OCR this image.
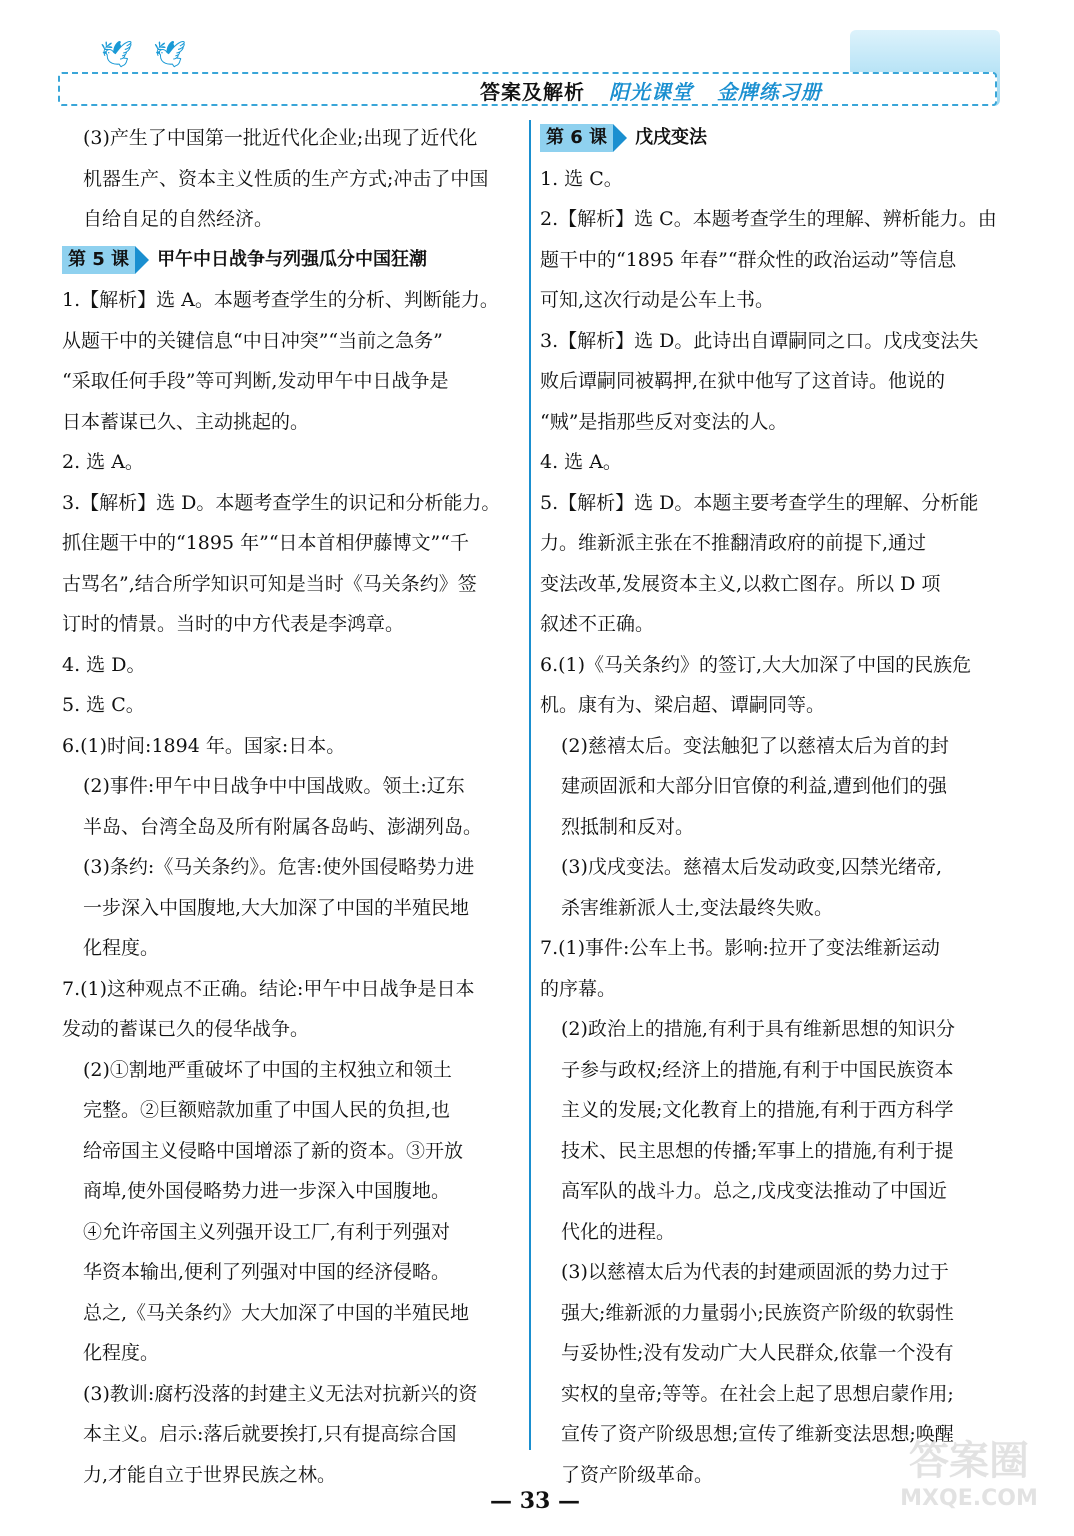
🕊 🕊
答案及解析 阳光课堂 金牌练习册
(3)产生了中国第一批近代化企业;出现了近代化
机器生产、资本主义性质的生产方式;冲击了中国
自给自足的自然经济。
第 5 课	甲午中日战争与列强瓜分中国狂潮
1.【解析】选 A。本题考查学生的分析、判断能力。
从题干中的关键信息“中日冲突”“当前之急务”
“采取任何手段”等可判断,发动甲午中日战争是
日本蓄谋已久、主动挑起的。
2. 选 A。
3.【解析】选 D。本题考查学生的识记和分析能力。
抓住题干中的“1895 年”“日本首相伊藤博文”“千
古骂名”,结合所学知识可知是当时《马关条约》签
订时的情景。当时的中方代表是李鸿章。
4. 选 D。
5. 选 C。
6.(1)时间:1894 年。国家:日本。
(2)事件:甲午中日战争中中国战败。领土:辽东
半岛、台湾全岛及所有附属各岛屿、澎湖列岛。
(3)条约:《马关条约》。危害:使外国侵略势力进
一步深入中国腹地,大大加深了中国的半殖民地
化程度。
7.(1)这种观点不正确。结论:甲午中日战争是日本
发动的蓄谋已久的侵华战争。
(2)①割地严重破坏了中国的主权独立和领土
完整。②巨额赔款加重了中国人民的负担,也
给帝国主义侵略中国增添了新的资本。③开放
商埠,使外国侵略势力进一步深入中国腹地。
④允许帝国主义列强开设工厂,有利于列强对
华资本输出,便利了列强对中国的经济侵略。
总之,《马关条约》大大加深了中国的半殖民地
化程度。
(3)教训:腐朽没落的封建主义无法对抗新兴的资
本主义。启示:落后就要挨打,只有提高综合国
力,才能自立于世界民族之林。
第 6 课	戊戌变法
1. 选 C。
2.【解析】选 C。本题考查学生的理解、辨析能力。由
题干中的“1895 年春”“群众性的政治运动”等信息
可知,这次行动是公车上书。
3.【解析】选 D。此诗出自谭嗣同之口。戊戌变法失
败后谭嗣同被羁押,在狱中他写了这首诗。他说的
“贼”是指那些反对变法的人。
4. 选 A。
5.【解析】选 D。本题主要考查学生的理解、分析能
力。维新派主张在不推翻清政府的前提下,通过
变法改革,发展资本主义,以救亡图存。所以 D 项
叙述不正确。
6.(1)《马关条约》的签订,大大加深了中国的民族危
机。康有为、梁启超、谭嗣同等。
(2)慈禧太后。变法触犯了以慈禧太后为首的封
建顽固派和大部分旧官僚的利益,遭到他们的强
烈抵制和反对。
(3)戊戌变法。慈禧太后发动政变,囚禁光绪帝,
杀害维新派人士,变法最终失败。
7.(1)事件:公车上书。影响:拉开了变法维新运动
的序幕。
(2)政治上的措施,有利于具有维新思想的知识分
子参与政权;经济上的措施,有利于中国民族资本
主义的发展;文化教育上的措施,有利于西方科学
技术、民主思想的传播;军事上的措施,有利于提
高军队的战斗力。总之,戊戌变法推动了中国近
代化的进程。
(3)以慈禧太后为代表的封建顽固派的势力过于
强大;维新派的力量弱小;民族资产阶级的软弱性
与妥协性;没有发动广大人民群众,依靠一个没有
实权的皇帝;等等。在社会上起了思想启蒙作用;
宣传了资产阶级思想;宣传了维新变法思想;唤醒
了资产阶级革命。
— 33 —
答案圈
MXQE.COM
